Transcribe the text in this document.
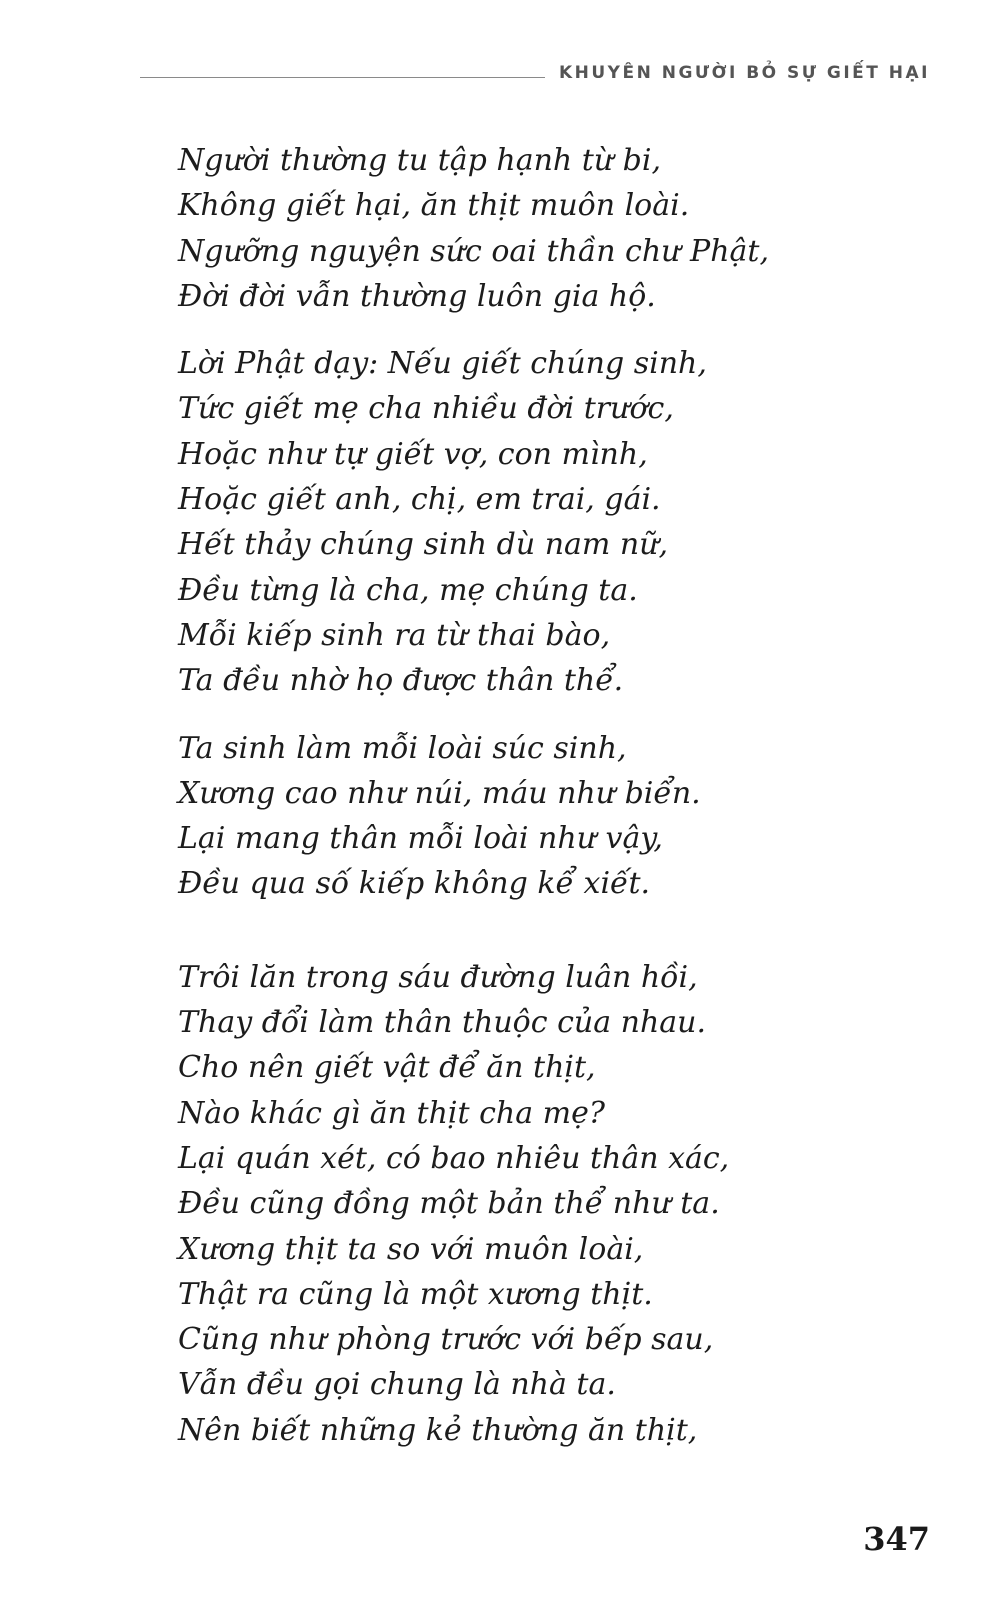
KHUYÊN NGƯỜI BỎ SỰ GIẾT HẠI
Người thường tu tập hạnh từ bi,
Không giết hại, ăn thịt muôn loài.
Ngưỡng nguyện sức oai thần chư Phật,
Đời đời vẫn thường luôn gia hộ.
Lời Phật dạy: Nếu giết chúng sinh,
Tức giết mẹ cha nhiều đời trước,
Hoặc như tự giết vợ, con mình,
Hoặc giết anh, chị, em trai, gái.
Hết thảy chúng sinh dù nam nữ,
Đều từng là cha, mẹ chúng ta.
Mỗi kiếp sinh ra từ thai bào,
Ta đều nhờ họ được thân thể.
Ta sinh làm mỗi loài súc sinh,
Xương cao như núi, máu như biển.
Lại mang thân mỗi loài như vậy,
Đều qua số kiếp không kể xiết.
Trôi lăn trong sáu đường luân hồi,
Thay đổi làm thân thuộc của nhau.
Cho nên giết vật để ăn thịt,
Nào khác gì ăn thịt cha mẹ?
Lại quán xét, có bao nhiêu thân xác,
Đều cũng đồng một bản thể như ta.
Xương thịt ta so với muôn loài,
Thật ra cũng là một xương thịt.
Cũng như phòng trước với bếp sau,
Vẫn đều gọi chung là nhà ta.
Nên biết những kẻ thường ăn thịt,
347
